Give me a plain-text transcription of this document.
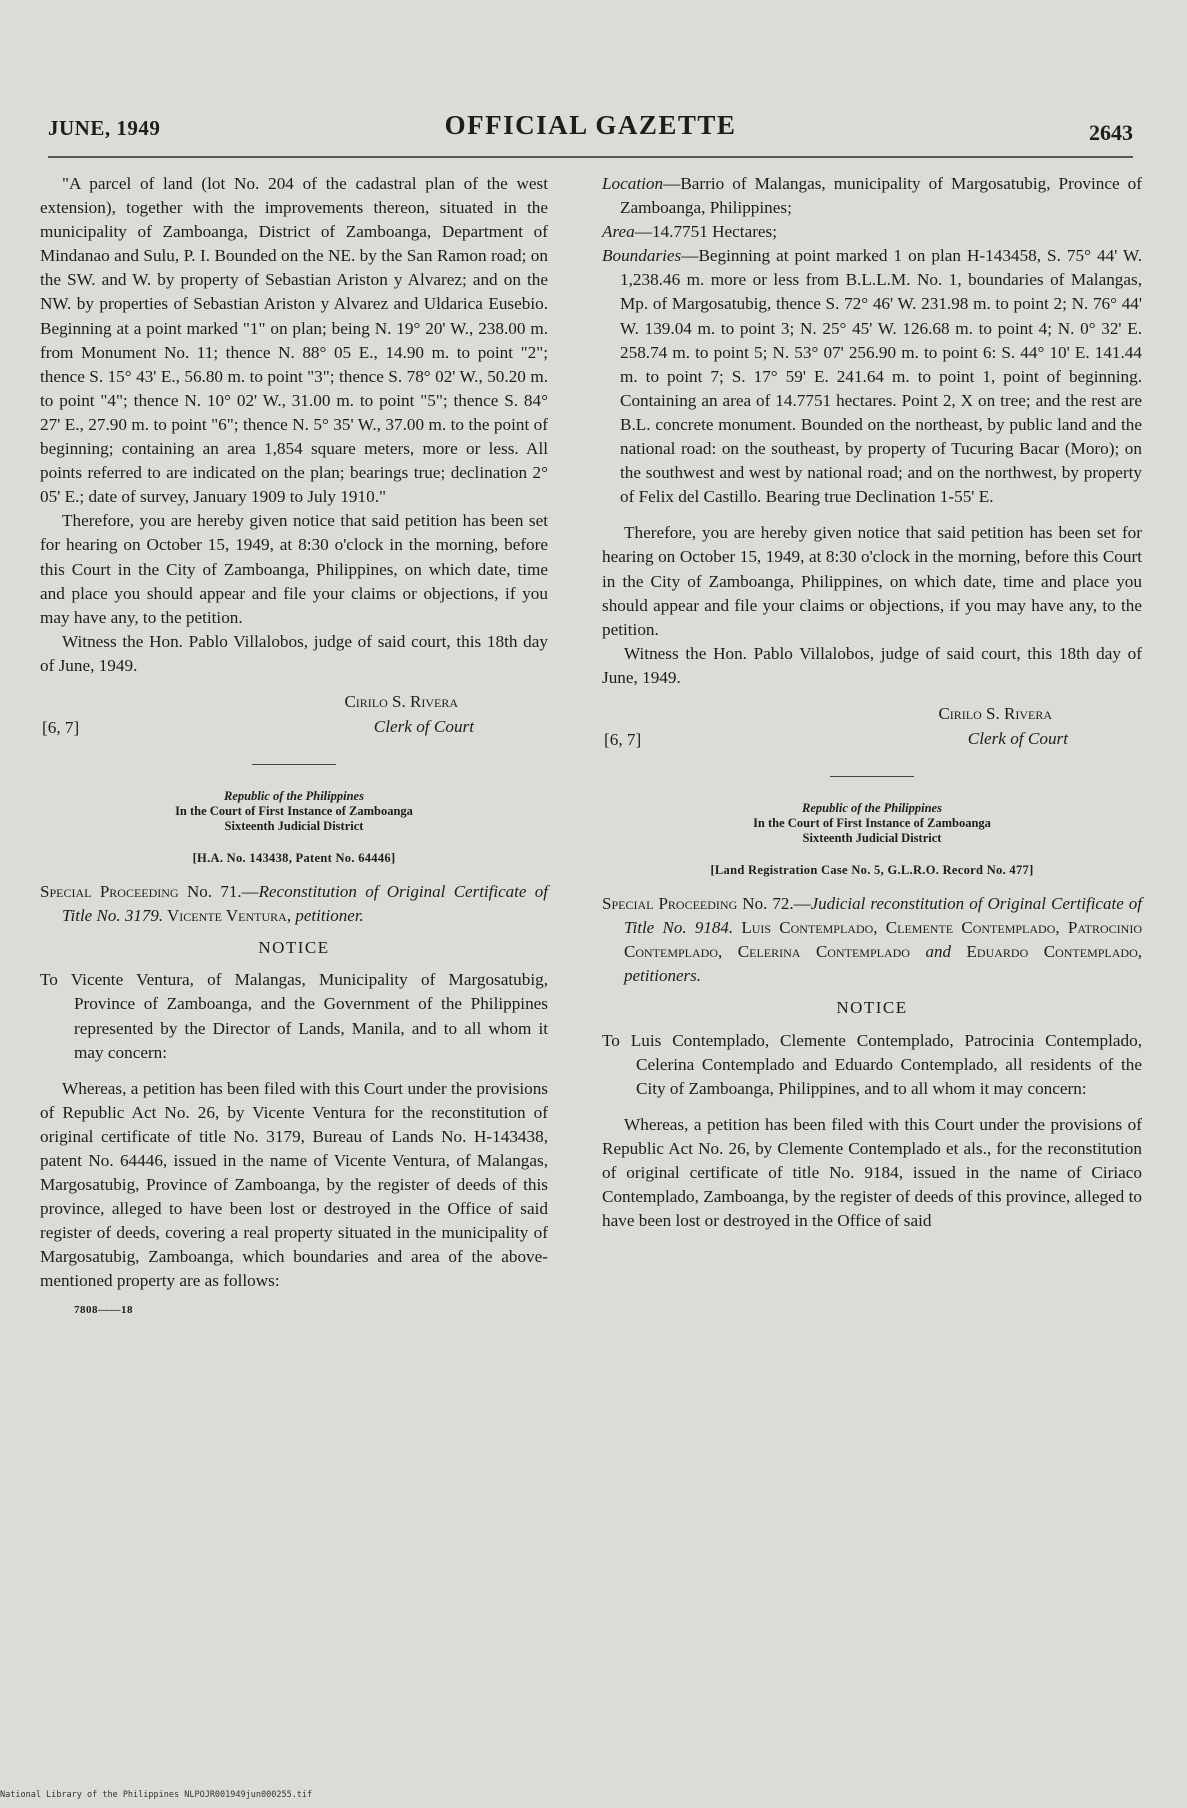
JUNE, 1949	OFFICIAL GAZETTE	2643

"A parcel of land (lot No. 204 of the cadastral plan of the west extension), together with the improvements thereon, situated in the municipality of Zamboanga, District of Zamboanga, Department of Mindanao and Sulu, P. I. Bounded on the NE. by the San Ramon road; on the SW. and W. by property of Sebastian Ariston y Alvarez; and on the NW. by properties of Sebastian Ariston y Alvarez and Uldarica Eusebio. Beginning at a point marked "1" on plan; being N. 19° 20' W., 238.00 m. from Monument No. 11; thence N. 88° 05 E., 14.90 m. to point "2"; thence S. 15° 43' E., 56.80 m. to point "3"; thence S. 78° 02' W., 50.20 m. to point "4"; thence N. 10° 02' W., 31.00 m. to point "5"; thence S. 84° 27' E., 27.90 m. to point "6"; thence N. 5° 35' W., 37.00 m. to the point of beginning; containing an area 1,854 square meters, more or less. All points referred to are indicated on the plan; bearings true; declination 2° 05' E.; date of survey, January 1909 to July 1910."

Therefore, you are hereby given notice that said petition has been set for hearing on October 15, 1949, at 8:30 o'clock in the morning, before this Court in the City of Zamboanga, Philippines, on which date, time and place you should appear and file your claims or objections, if you may have any, to the petition.

Witness the Hon. Pablo Villalobos, judge of said court, this 18th day of June, 1949.

Cirilo S. Rivera
Clerk of Court
[6, 7]
Republic of the Philippines
In the Court of First Instance of Zamboanga
Sixteenth Judicial District
[H.A. No. 143438, Patent No. 64446]

Special Proceeding No. 71.—Reconstitution of Original Certificate of Title No. 3179. Vicente Ventura, petitioner.

NOTICE

To Vicente Ventura, of Malangas, Municipality of Margosatubig, Province of Zamboanga, and the Government of the Philippines represented by the Director of Lands, Manila, and to all whom it may concern:

Whereas, a petition has been filed with this Court under the provisions of Republic Act No. 26, by Vicente Ventura for the reconstitution of original certificate of title No. 3179, Bureau of Lands No. H-143438, patent No. 64446, issued in the name of Vicente Ventura, of Malangas, Margosatubig, Province of Zamboanga, by the register of deeds of this province, alleged to have been lost or destroyed in the Office of said register of deeds, covering a real property situated in the municipality of Margosatubig, Zamboanga, which boundaries and area of the above-mentioned property are as follows:

7808——18

Location—Barrio of Malangas, municipality of Margosatubig, Province of Zamboanga, Philippines;

Area—14.7751 Hectares;

Boundaries—Beginning at point marked 1 on plan H-143458, S. 75° 44' W. 1,238.46 m. more or less from B.L.L.M. No. 1, boundaries of Malangas, Mp. of Margosatubig, thence S. 72° 46' W. 231.98 m. to point 2; N. 76° 44' W. 139.04 m. to point 3; N. 25° 45' W. 126.68 m. to point 4; N. 0° 32' E. 258.74 m. to point 5; N. 53° 07' 256.90 m. to point 6: S. 44° 10' E. 141.44 m. to point 7; S. 17° 59' E. 241.64 m. to point 1, point of beginning. Containing an area of 14.7751 hectares. Point 2, X on tree; and the rest are B.L. concrete monument. Bounded on the northeast, by public land and the national road: on the southeast, by property of Tucuring Bacar (Moro); on the southwest and west by national road; and on the northwest, by property of Felix del Castillo. Bearing true Declination 1-55' E.

Therefore, you are hereby given notice that said petition has been set for hearing on October 15, 1949, at 8:30 o'clock in the morning, before this Court in the City of Zamboanga, Philippines, on which date, time and place you should appear and file your claims or objections, if you may have any, to the petition.

Witness the Hon. Pablo Villalobos, judge of said court, this 18th day of June, 1949.

Cirilo S. Rivera
Clerk of Court
[6, 7]
Republic of the Philippines
In the Court of First Instance of Zamboanga
Sixteenth Judicial District
[Land Registration Case No. 5, G.L.R.O. Record No. 477]

Special Proceeding No. 72.—Judicial reconstitution of Original Certificate of Title No. 9184. Luis Contemplado, Clemente Contemplado, Patrocinio Contemplado, Celerina Contemplado and Eduardo Contemplado, petitioners.

NOTICE

To Luis Contemplado, Clemente Contemplado, Patrocinia Contemplado, Celerina Contemplado and Eduardo Contemplado, all residents of the City of Zamboanga, Philippines, and to all whom it may concern:

Whereas, a petition has been filed with this Court under the provisions of Republic Act No. 26, by Clemente Contemplado et als., for the reconstitution of original certificate of title No. 9184, issued in the name of Ciriaco Contemplado, Zamboanga, by the register of deeds of this province, alleged to have been lost or destroyed in the Office of said

National Library of the Philippines NLPOJR001949jun000255.tif
